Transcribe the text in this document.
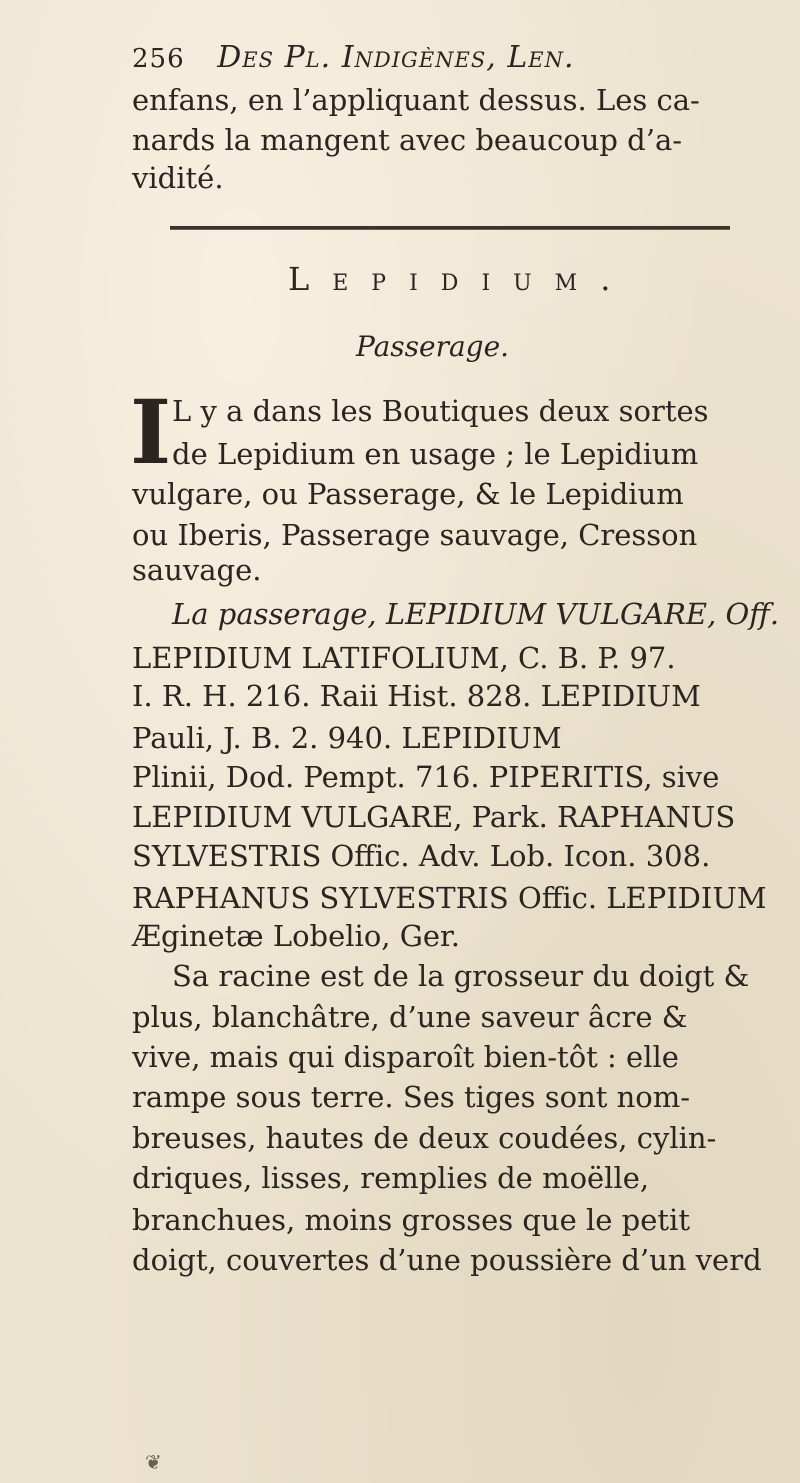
256 Des Pl. Indigènes, Len.
enfans, en l’appliquant dessus. Les ca-
nards la mangent avec beaucoup d’a-
vidité.
Lepidium.
Passerage.
I L y a dans les Boutiques deux sortes
de Lepidium en usage ; le Lepidium
vulgare, ou Passerage, & le Lepidium
ou Iberis, Passerage sauvage, Cresson
sauvage.
La passerage, LEPIDIUM VULGARE, Off.
LEPIDIUM LATIFOLIUM, C. B. P. 97.
I. R. H. 216. Raii Hist. 828. LEPIDIUM
Pauli, J. B. 2. 940. LEPIDIUM
Plinii, Dod. Pempt. 716. PIPERITIS, sive
LEPIDIUM VULGARE, Park. RAPHANUS
SYLVESTRIS Offic. Adv. Lob. Icon. 308.
RAPHANUS SYLVESTRIS Offic. LEPIDIUM
Æginetæ Lobelio, Ger.
Sa racine est de la grosseur du doigt &
plus, blanchâtre, d’une saveur âcre &
vive, mais qui disparoît bien-tôt : elle
rampe sous terre. Ses tiges sont nom-
breuses, hautes de deux coudées, cylin-
driques, lisses, remplies de moëlle,
branchues, moins grosses que le petit
doigt, couvertes d’une poussière d’un verd
❦
